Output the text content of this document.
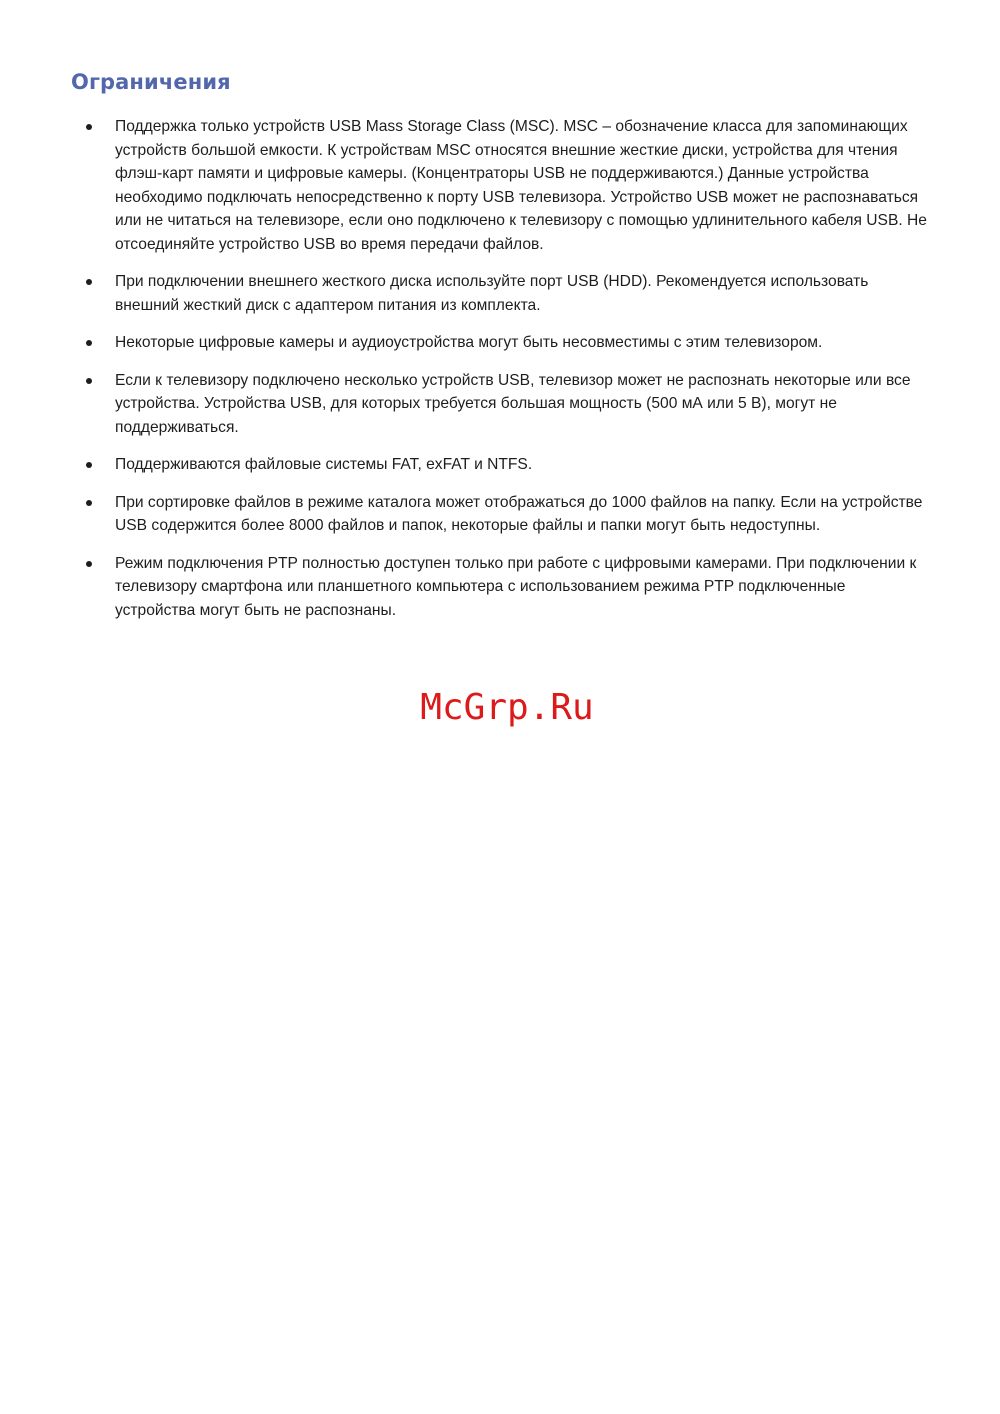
Ограничения
Поддержка только устройств USB Mass Storage Class (MSC). MSC – обозначение класса для запоминающих устройств большой емкости. К устройствам MSC относятся внешние жесткие диски, устройства для чтения флэш-карт памяти и цифровые камеры. (Концентраторы USB не поддерживаются.) Данные устройства необходимо подключать непосредственно к порту USB телевизора. Устройство USB может не распознаваться или не читаться на телевизоре, если оно подключено к телевизору с помощью удлинительного кабеля USB. Не отсоединяйте устройство USB во время передачи файлов.
При подключении внешнего жесткого диска используйте порт USB (HDD). Рекомендуется использовать внешний жесткий диск с адаптером питания из комплекта.
Некоторые цифровые камеры и аудиоустройства могут быть несовместимы с этим телевизором.
Если к телевизору подключено несколько устройств USB, телевизор может не распознать некоторые или все устройства. Устройства USB, для которых требуется большая мощность (500 мА или 5 В), могут не поддерживаться.
Поддерживаются файловые системы FAT, exFAT и NTFS.
При сортировке файлов в режиме каталога может отображаться до 1000 файлов на папку. Если на устройстве USB содержится более 8000 файлов и папок, некоторые файлы и папки могут быть недоступны.
Режим подключения PTP полностью доступен только при работе с цифровыми камерами. При подключении к телевизору смартфона или планшетного компьютера с использованием режима PTP подключенные устройства могут быть не распознаны.
McGrp.Ru
